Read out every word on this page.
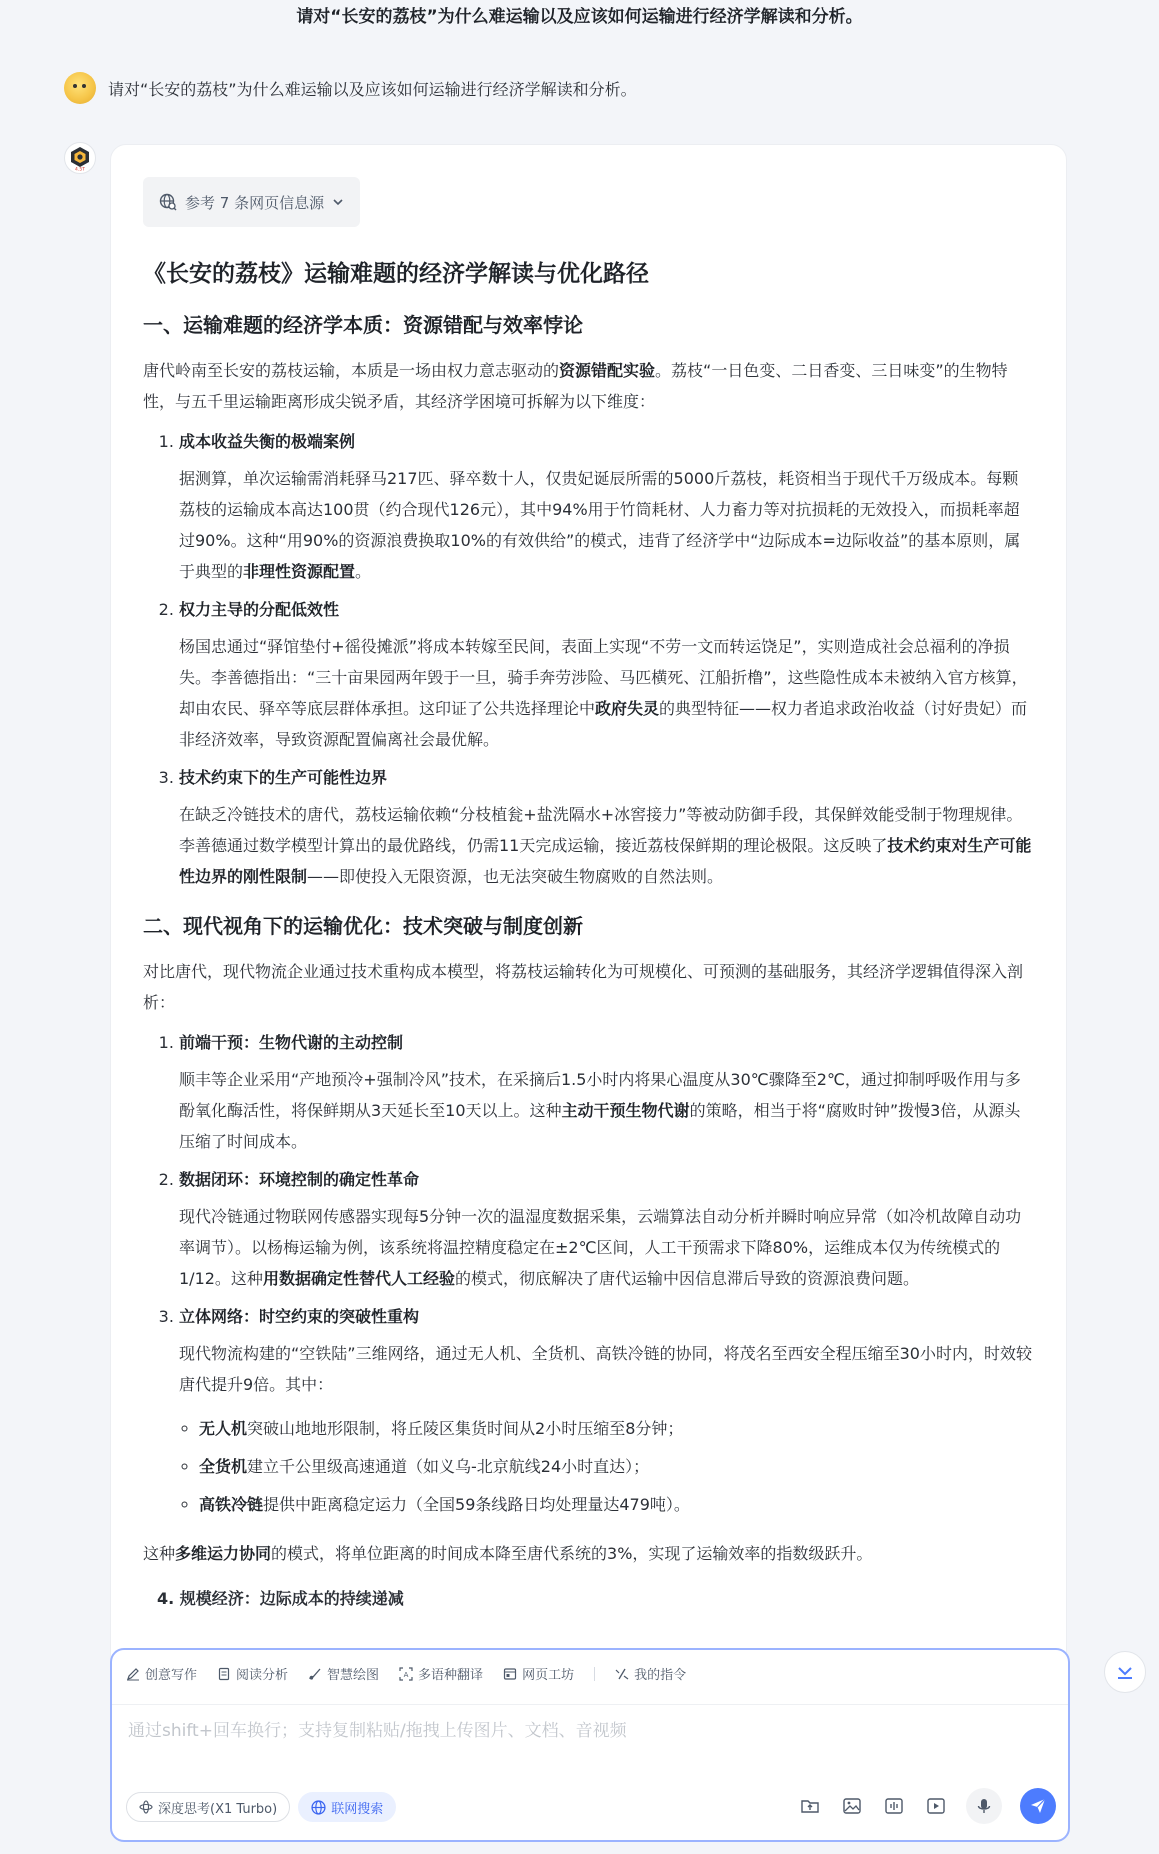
请对“长安的荔枝”为什么难运输以及应该如何运输进行经济学解读和分析。
请对“长安的荔枝”为什么难运输以及应该如何运输进行经济学解读和分析。
4.5T
参考 7 条网页信息源
《长安的荔枝》运输难题的经济学解读与优化路径
一、运输难题的经济学本质：资源错配与效率悖论

唐代岭南至长安的荔枝运输，本质是一场由权力意志驱动的资源错配实验。荔枝“一日色变、二日香变、三日味变”的生物特性，与五千里运输距离形成尖锐矛盾，其经济学困境可拆解为以下维度：

1. 成本收益失衡的极端案例
据测算，单次运输需消耗驿马217匹、驿卒数十人，仅贵妃诞辰所需的5000斤荔枝，耗资相当于现代千万级成本。每颗荔枝的运输成本高达100贯（约合现代126元），其中94%用于竹筒耗材、人力畜力等对抗损耗的无效投入，而损耗率超过90%。这种“用90%的资源浪费换取10%的有效供给”的模式，违背了经济学中“边际成本=边际收益”的基本原则，属于典型的非理性资源配置。
2. 权力主导的分配低效性
杨国忠通过“驿馆垫付+徭役摊派”将成本转嫁至民间，表面上实现“不劳一文而转运饶足”，实则造成社会总福利的净损失。李善德指出：“三十亩果园两年毁于一旦，骑手奔劳涉险、马匹横死、江船折橹”，这些隐性成本未被纳入官方核算，却由农民、驿卒等底层群体承担。这印证了公共选择理论中政府失灵的典型特征——权力者追求政治收益（讨好贵妃）而非经济效率，导致资源配置偏离社会最优解。
3. 技术约束下的生产可能性边界
在缺乏冷链技术的唐代，荔枝运输依赖“分枝植瓮+盐洗隔水+冰窖接力”等被动防御手段，其保鲜效能受制于物理规律。李善德通过数学模型计算出的最优路线，仍需11天完成运输，接近荔枝保鲜期的理论极限。这反映了技术约束对生产可能性边界的刚性限制——即使投入无限资源，也无法突破生物腐败的自然法则。
二、现代视角下的运输优化：技术突破与制度创新

对比唐代，现代物流企业通过技术重构成本模型，将荔枝运输转化为可规模化、可预测的基础服务，其经济学逻辑值得深入剖析：

1. 前端干预：生物代谢的主动控制
顺丰等企业采用“产地预冷+强制冷风”技术，在采摘后1.5小时内将果心温度从30℃骤降至2℃，通过抑制呼吸作用与多酚氧化酶活性，将保鲜期从3天延长至10天以上。这种主动干预生物代谢的策略，相当于将“腐败时钟”拨慢3倍，从源头压缩了时间成本。
2. 数据闭环：环境控制的确定性革命
现代冷链通过物联网传感器实现每5分钟一次的温湿度数据采集，云端算法自动分析并瞬时响应异常（如冷机故障自动功率调节）。以杨梅运输为例，该系统将温控精度稳定在±2℃区间，人工干预需求下降80%，运维成本仅为传统模式的1/12。这种用数据确定性替代人工经验的模式，彻底解决了唐代运输中因信息滞后导致的资源浪费问题。
3. 立体网络：时空约束的突破性重构
现代物流构建的“空铁陆”三维网络，通过无人机、全货机、高铁冷链的协同，将茂名至西安全程压缩至30小时内，时效较唐代提升9倍。其中：
◦ 无人机突破山地地形限制，将丘陵区集货时间从2小时压缩至8分钟；
◦ 全货机建立千公里级高速通道（如义乌-北京航线24小时直达）；
◦ 高铁冷链提供中距离稳定运力（全国59条线路日均处理量达479吨）。

这种多维运力协同的模式，将单位距离的时间成本降至唐代系统的3%，实现了运输效率的指数级跃升。

4. 规模经济：边际成本的持续递减

创意写作	阅读分析	智慧绘图	A 多语种翻译	网页工坊	我的指令
通过shift+回车换行；支持复制粘贴/拖拽上传图片、文档、音视频
深度思考(X1 Turbo)	联网搜索
